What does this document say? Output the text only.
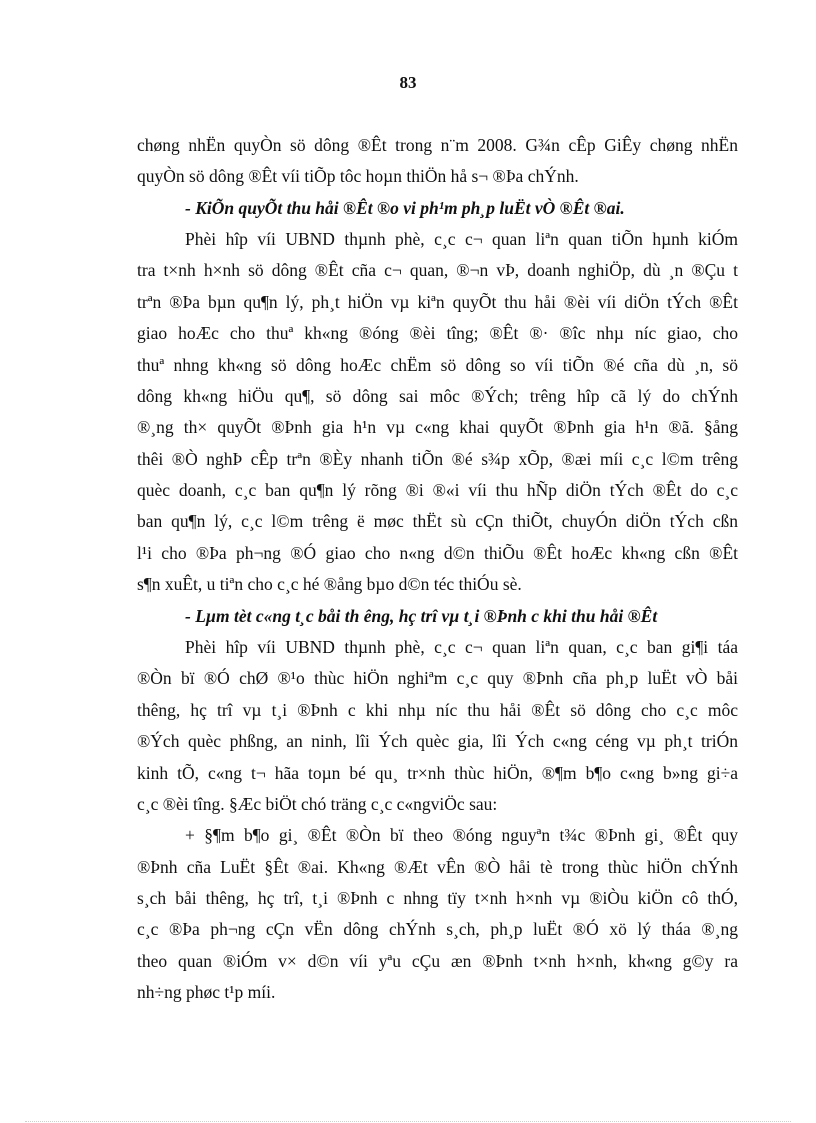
83
chøng nhËn quyÒn sö dông ®Êt trong n¨m 2008. G¾n cÊp GiÊy chøng nhËn
quyÒn sö dông ®Êt víi tiÕp tôc hoµn thiÖn hå s¬ ®Þa chÝnh.
- KiÕn quyÕt thu håi ®Êt ®o vi ph¹m ph¸p luËt vÒ ®Êt ®ai.
Phèi hîp víi UBND thµnh phè, c¸c c¬ quan liªn quan tiÕn hµnh kiÓm
tra t×nh h×nh sö dông ®Êt cña c¬ quan, ®¬n vÞ, doanh nghiÖp, dù ¸n ®Çu t
trªn ®Þa bµn qu¶n lý, ph¸t hiÖn vµ kiªn quyÕt thu håi ®èi víi diÖn tÝch ®Êt
giao hoÆc cho thuª kh«ng ®óng ®èi tîng; ®Êt ®· ®îc nhµ níc giao, cho
thuª nhng kh«ng sö dông hoÆc chËm sö dông so víi tiÕn ®é cña dù ¸n, sö
dông kh«ng hiÖu qu¶, sö dông sai môc ®Ých; trêng hîp cã lý do chÝnh
®¸ng th× quyÕt ®Þnh gia h¹n vµ c«ng khai quyÕt ®Þnh gia h¹n ®ã. §ång
thêi ®Ò nghÞ cÊp trªn ®Èy nhanh tiÕn ®é s¾p xÕp, ®æi míi c¸c l©m trêng
quèc doanh, c¸c ban qu¶n lý rõng ®i ®«i víi thu hÑp diÖn tÝch ®Êt do c¸c
ban qu¶n lý, c¸c l©m trêng ë møc thËt sù cÇn thiÕt, chuyÓn diÖn tÝch cßn
l¹i cho ®Þa ph¬ng ®Ó giao cho n«ng d©n thiÕu ®Êt hoÆc kh«ng cßn ®Êt
s¶n xuÊt, u tiªn cho c¸c hé ®ång bµo d©n téc thiÓu sè.
- Lµm tèt c«ng t¸c båi th êng, hç trî vµ t¸i ®Þnh c khi thu håi ®Êt
Phèi hîp víi UBND thµnh phè, c¸c c¬ quan liªn quan, c¸c ban gi¶i táa
®Òn bï ®Ó chØ ®¹o thùc hiÖn nghiªm c¸c quy ®Þnh cña ph¸p luËt vÒ båi
thêng, hç trî vµ t¸i ®Þnh c khi nhµ níc thu håi ®Êt sö dông cho c¸c môc
®Ých quèc phßng, an ninh, lîi Ých quèc gia, lîi Ých c«ng céng vµ ph¸t triÓn
kinh tÕ, c«ng t¬ hãa toµn bé qu¸ tr×nh thùc hiÖn, ®¶m b¶o c«ng b»ng gi÷a
c¸c ®èi tîng. §Æc biÖt chó träng c¸c c«ngviÖc sau:
+ §¶m b¶o gi¸ ®Êt ®Òn bï theo ®óng nguyªn t¾c ®Þnh gi¸ ®Êt quy
®Þnh cña LuËt §Êt ®ai. Kh«ng ®Æt vÊn ®Ò håi tè trong thùc hiÖn chÝnh
s¸ch båi thêng, hç trî, t¸i ®Þnh c nhng tïy t×nh h×nh vµ ®iÒu kiÖn cô thÓ,
c¸c ®Þa ph¬ng cÇn vËn dông chÝnh s¸ch, ph¸p luËt ®Ó xö lý tháa ®¸ng
theo quan ®iÓm v× d©n víi yªu cÇu æn ®Þnh t×nh h×nh, kh«ng g©y ra
nh÷ng phøc t¹p míi.
